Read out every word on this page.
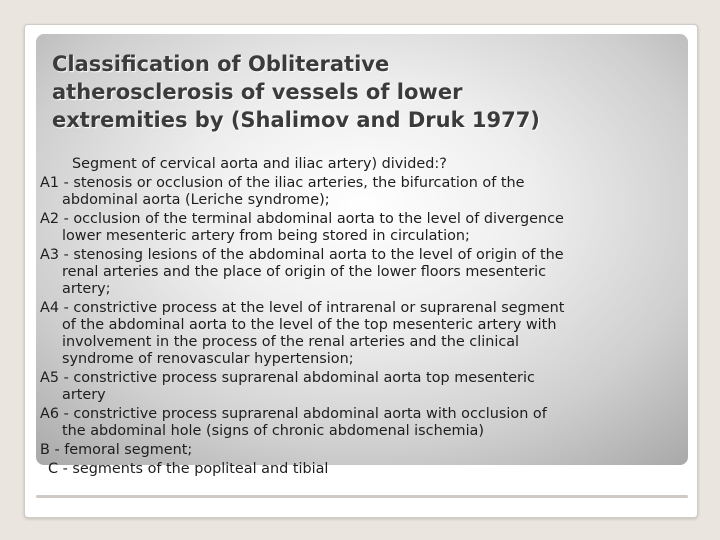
Classification of Obliterative
atherosclerosis of vessels of lower
extremities by (Shalimov and Druk 1977)
Segment of cervical aorta and iliac artery) divided:?
A1 - stenosis or occlusion of the iliac arteries, the bifurcation of the
abdominal aorta (Leriche syndrome);
A2 - occlusion of the terminal abdominal aorta to the level of divergence
lower mesenteric artery from being stored in circulation;
A3 - stenosing lesions of the abdominal aorta to the level of origin of the
renal arteries and the place of origin of the lower floors mesenteric
artery;
A4 - constrictive process at the level of intrarenal or suprarenal segment
of the abdominal aorta to the level of the top mesenteric artery with
involvement in the process of the renal arteries and the clinical
syndrome of renovascular hypertension;
A5 - constrictive process suprarenal abdominal aorta top mesenteric
artery
A6 - constrictive process suprarenal abdominal aorta with occlusion of
the abdominal hole (signs of chronic abdomenal ischemia)
B - femoral segment;
C - segments of the popliteal and tibial
